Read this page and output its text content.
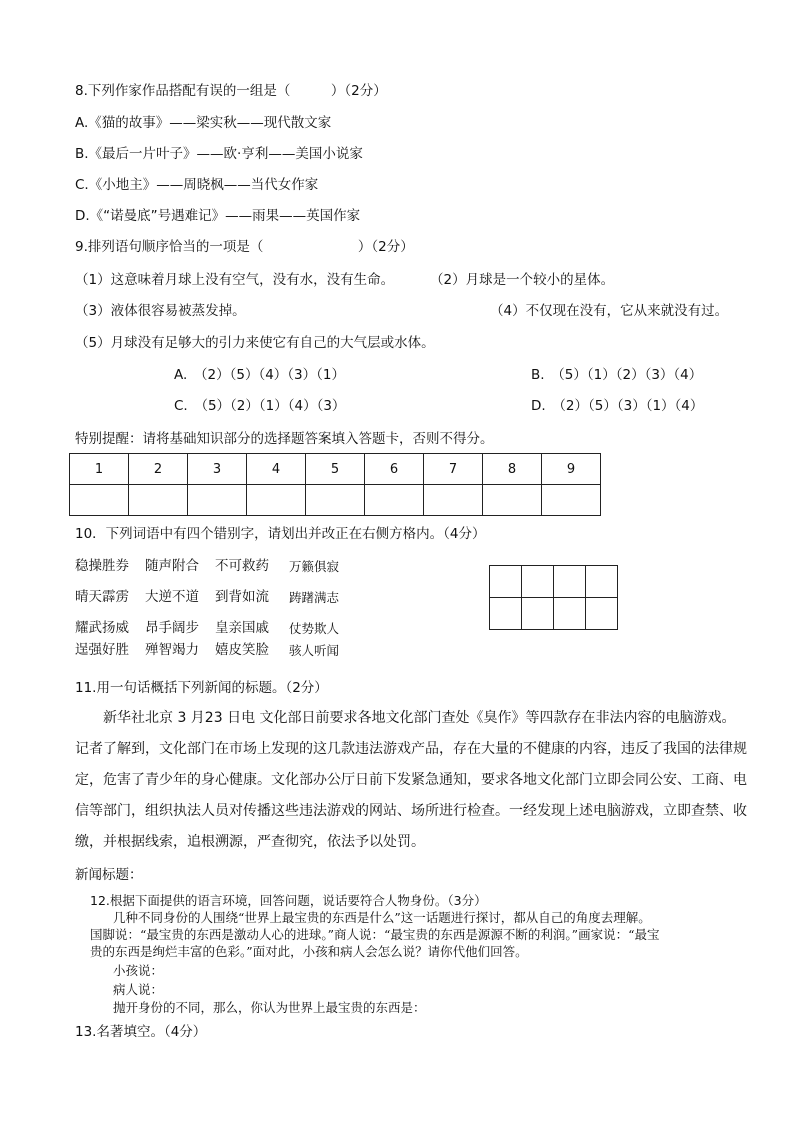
8.下列作家作品搭配有误的一组是（　　　）（2分）
A.《猫的故事》——梁实秋——现代散文家
B.《最后一片叶子》——欧·亨利——美国小说家
C.《小地主》——周晓枫——当代女作家
D.《“诺曼底”号遇难记》——雨果——英国作家
9.排列语句顺序恰当的一项是（　　　　　　　）（2分）
（1）这意味着月球上没有空气，没有水，没有生命。	（2）月球是一个较小的星体。
（3）液体很容易被蒸发掉。	（4）不仅现在没有，它从来就没有过。
（5）月球没有足够大的引力来使它有自己的大气层或水体。
A.　（2）（5）（4）（3）（1）	B.　（5）（1）（2）（3）（4）
C.　（5）（2）（1）（4）（3）	D.　（2）（5）（3）（1）（4）
特别提醒：请将基础知识部分的选择题答案填入答题卡，否则不得分。
1	2	3	4	5	6	7	8	9

10．下列词语中有四个错别字，请划出并改正在右侧方格内。（4分）
稳操胜券 随声附合 不可救药 万籁俱寂
晴天霹雳 大逆不道 到背如流 踌躇满志
耀武扬威 昂手阔步 皇亲国戚 仗势欺人
逞强好胜 殚智竭力 嬉皮笑脸 骇人听闻

11.用一句话概括下列新闻的标题。（2分）
新华社北京 3 月23 日电 文化部日前要求各地文化部门查处《臭作》等四款存在非法内容的电脑游戏。记者了解到，文化部门在市场上发现的这几款违法游戏产品，存在大量的不健康的内容，违反了我国的法律规定，危害了青少年的身心健康。文化部办公厅日前下发紧急通知，要求各地文化部门立即会同公安、工商、电信等部门，组织执法人员对传播这些违法游戏的网站、场所进行检查。一经发现上述电脑游戏，立即查禁、收缴，并根据线索，追根溯源，严查彻究，依法予以处罚。
新闻标题：
12.根据下面提供的语言环境，回答问题，说话要符合人物身份。（3分）
几种不同身份的人围绕“世界上最宝贵的东西是什么”这一话题进行探讨，都从自己的角度去理解。
国脚说：“最宝贵的东西是激动人心的进球。”商人说：“最宝贵的东西是源源不断的利润。”画家说：“最宝
贵的东西是绚烂丰富的色彩。”面对此，小孩和病人会怎么说？请你代他们回答。
小孩说：
病人说：
抛开身份的不同，那么，你认为世界上最宝贵的东西是：
13.名著填空。（4分）
